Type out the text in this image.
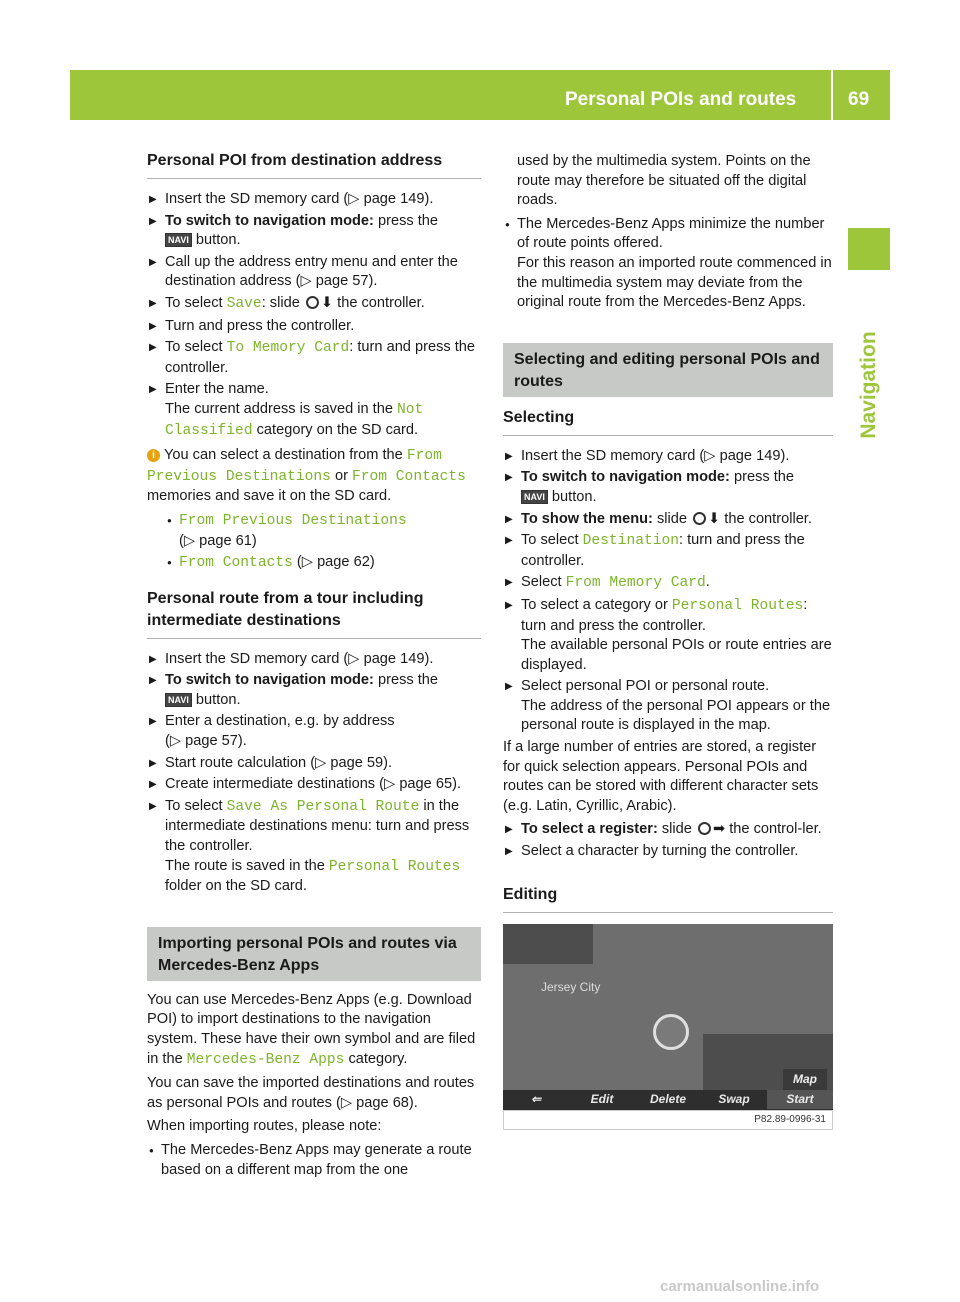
Personal POIs and routes	69
Navigation
Personal POI from destination address
▶ Insert the SD memory card (▷ page 149).
▶ To switch to navigation mode: press the
NAVI button.
▶ Call up the address entry menu and enter the destination address (▷ page 57).
▶ To select Save: slide ⬇ the controller.
▶ Turn and press the controller.
▶ To select To Memory Card: turn and press the controller.
▶ Enter the name.
The current address is saved in the Not Classified category on the SD card.

i You can select a destination from the From Previous Destinations or From Contacts memories and save it on the SD card.

● From Previous Destinations
(▷ page 61)
● From Contacts (▷ page 62)
Personal route from a tour including intermediate destinations
▶ Insert the SD memory card (▷ page 149).
▶ To switch to navigation mode: press the
NAVI button.
▶ Enter a destination, e.g. by address
(▷ page 57).
▶ Start route calculation (▷ page 59).
▶ Create intermediate destinations (▷ page 65).
▶ To select Save As Personal Route in the intermediate destinations menu: turn and press the controller.
The route is saved in the Personal Routes folder on the SD card.
Importing personal POIs and routes via Mercedes-Benz Apps

You can use Mercedes-Benz Apps (e.g. Download POI) to import destinations to the navigation system. These have their own symbol and are filed in the Mercedes-Benz Apps category.

You can save the imported destinations and routes as personal POIs and routes (▷ page 68).

When importing routes, please note:

● The Mercedes-Benz Apps may generate a route based on a different map from the one

used by the multimedia system. Points on the route may therefore be situated off the digital roads.

● The Mercedes-Benz Apps minimize the number of route points offered.
For this reason an imported route commenced in the multimedia system may deviate from the original route from the Mercedes-Benz Apps.
Selecting and editing personal POIs and routes
Selecting
▶ Insert the SD memory card (▷ page 149).
▶ To switch to navigation mode: press the
NAVI button.
▶ To show the menu: slide ⬇ the controller.
▶ To select Destination: turn and press the controller.
▶ Select From Memory Card.
▶ To select a category or Personal Routes: turn and press the controller.
The available personal POIs or route entries are displayed.
▶ Select personal POI or personal route.
The address of the personal POI appears or the personal route is displayed in the map.

If a large number of entries are stored, a register for quick selection appears. Personal POIs and routes can be stored with different character sets (e.g. Latin, Cyrillic, Arabic).

▶ To select a register: slide ➡ the control-ler.
▶ Select a character by turning the controller.
Editing
Jersey City
Map
⇐	Edit	Delete	Swap	Start
P82.89-0996-31
carmanualsonline.info
